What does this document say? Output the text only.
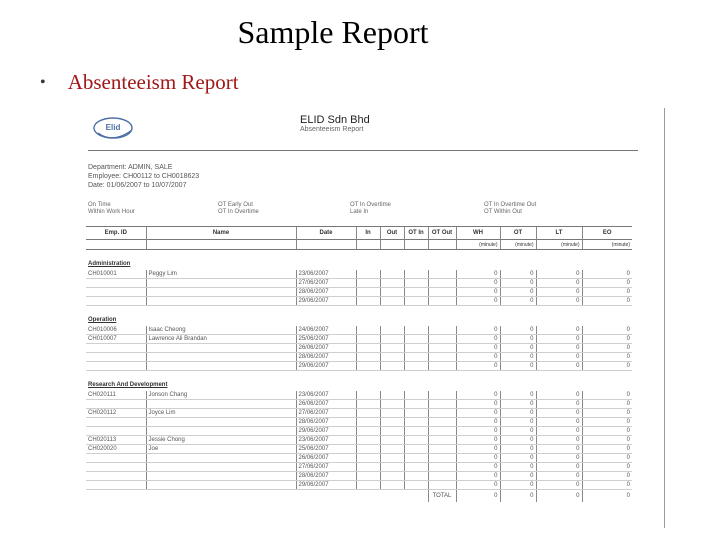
Sample Report
• Absenteeism Report
Elid
ELID Sdn Bhd
Absenteeism Report
Department: ADMIN, SALE
Employee: CH00112 to CH0018623
Date: 01/06/2007 to 10/07/2007
On Time
Within Work Hour
OT Early Out
OT In Overtime
OT In Overtime
Late In
OT In Overtime Out
OT Within Out
Emp. ID	Name	Date	In	Out	OT In	OT Out	WH	OT	LT	EO
							(minute)	(minute)	(minute)	(minute)

Administration										
CH010001	Peggy Lim	23/06/2007					0	0	0	0
		27/06/2007					0	0	0	0
		28/06/2007					0	0	0	0
		29/06/2007					0	0	0	0

Operation										
CH010006	Isaac Cheong	24/06/2007					0	0	0	0
CH010007	Lawrence Ali Brandan	25/06/2007					0	0	0	0
		26/06/2007					0	0	0	0
		28/06/2007					0	0	0	0
		29/06/2007					0	0	0	0

Research And Development										
CH020111	Jonson Chang	23/06/2007					0	0	0	0
		26/06/2007					0	0	0	0
CH020112	Joyce Lim	27/06/2007					0	0	0	0
		28/06/2007					0	0	0	0
		29/06/2007					0	0	0	0
CH020113	Jessie Chong	23/06/2007					0	0	0	0
CH020020	Joe	25/06/2007					0	0	0	0
		26/06/2007					0	0	0	0
		27/06/2007					0	0	0	0
		28/06/2007					0	0	0	0
		29/06/2007					0	0	0	0
						TOTAL	0	0	0	0
